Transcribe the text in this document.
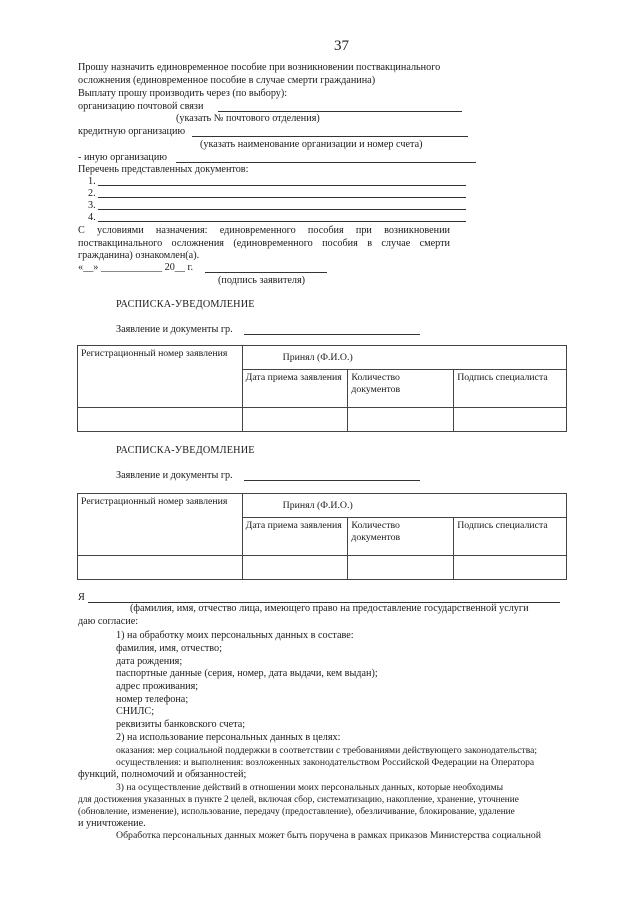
37
Прошу назначить единовременное пособие при возникновении поствакцинального
осложнения (единовременное пособие в случае смерти гражданина)
Выплату прошу производить через (по выбору):
организацию почтовой связи
(указать № почтового отделения)
кредитную организацию
(указать наименование организации и номер счета)
- иную организацию
Перечень представленных документов:
1.
2.
3.
4.
С условиями назначения: единовременного пособия при возникновении поствакцинального осложнения (единовременного пособия в случае смерти гражданина) ознакомлен(а).
«__» ____________ 20__ г.
(подпись заявителя)
РАСПИСКА-УВЕДОМЛЕНИЕ
Заявление и документы гр.
Регистрационный номер заявления	Принял (Ф.И.О.)		
	Дата приема заявления	Количество документов	Подпись специалиста

РАСПИСКА-УВЕДОМЛЕНИЕ
Заявление и документы гр.
Регистрационный номер заявления	Принял (Ф.И.О.)		
	Дата приема заявления	Количество документов	Подпись специалиста

Я
(фамилия, имя, отчество лица, имеющего право на предоставление государственной услуги
даю согласие:
1) на обработку моих персональных данных в составе:
фамилия, имя, отчество;
дата рождения;
паспортные данные (серия, номер, дата выдачи, кем выдан);
адрес проживания;
номер телефона;
СНИЛС;
реквизиты банковского счета;
2) на использование персональных данных в целях:
оказания: мер социальной поддержки в соответствии с требованиями действующего законодательства;
осуществления: и выполнения: возложенных законодательством Российской Федерации на Оператора
функций, полномочий и обязанностей;
3) на осуществление действий в отношении моих персональных данных, которые необходимы
для достижения указанных в пункте 2 целей, включая сбор, систематизацию, накопление, хранение, уточнение
(обновление, изменение), использование, передачу (предоставление), обезличивание, блокирование, удаление
и уничтожение.
Обработка персональных данных может быть поручена в рамках приказов Министерства социальной
